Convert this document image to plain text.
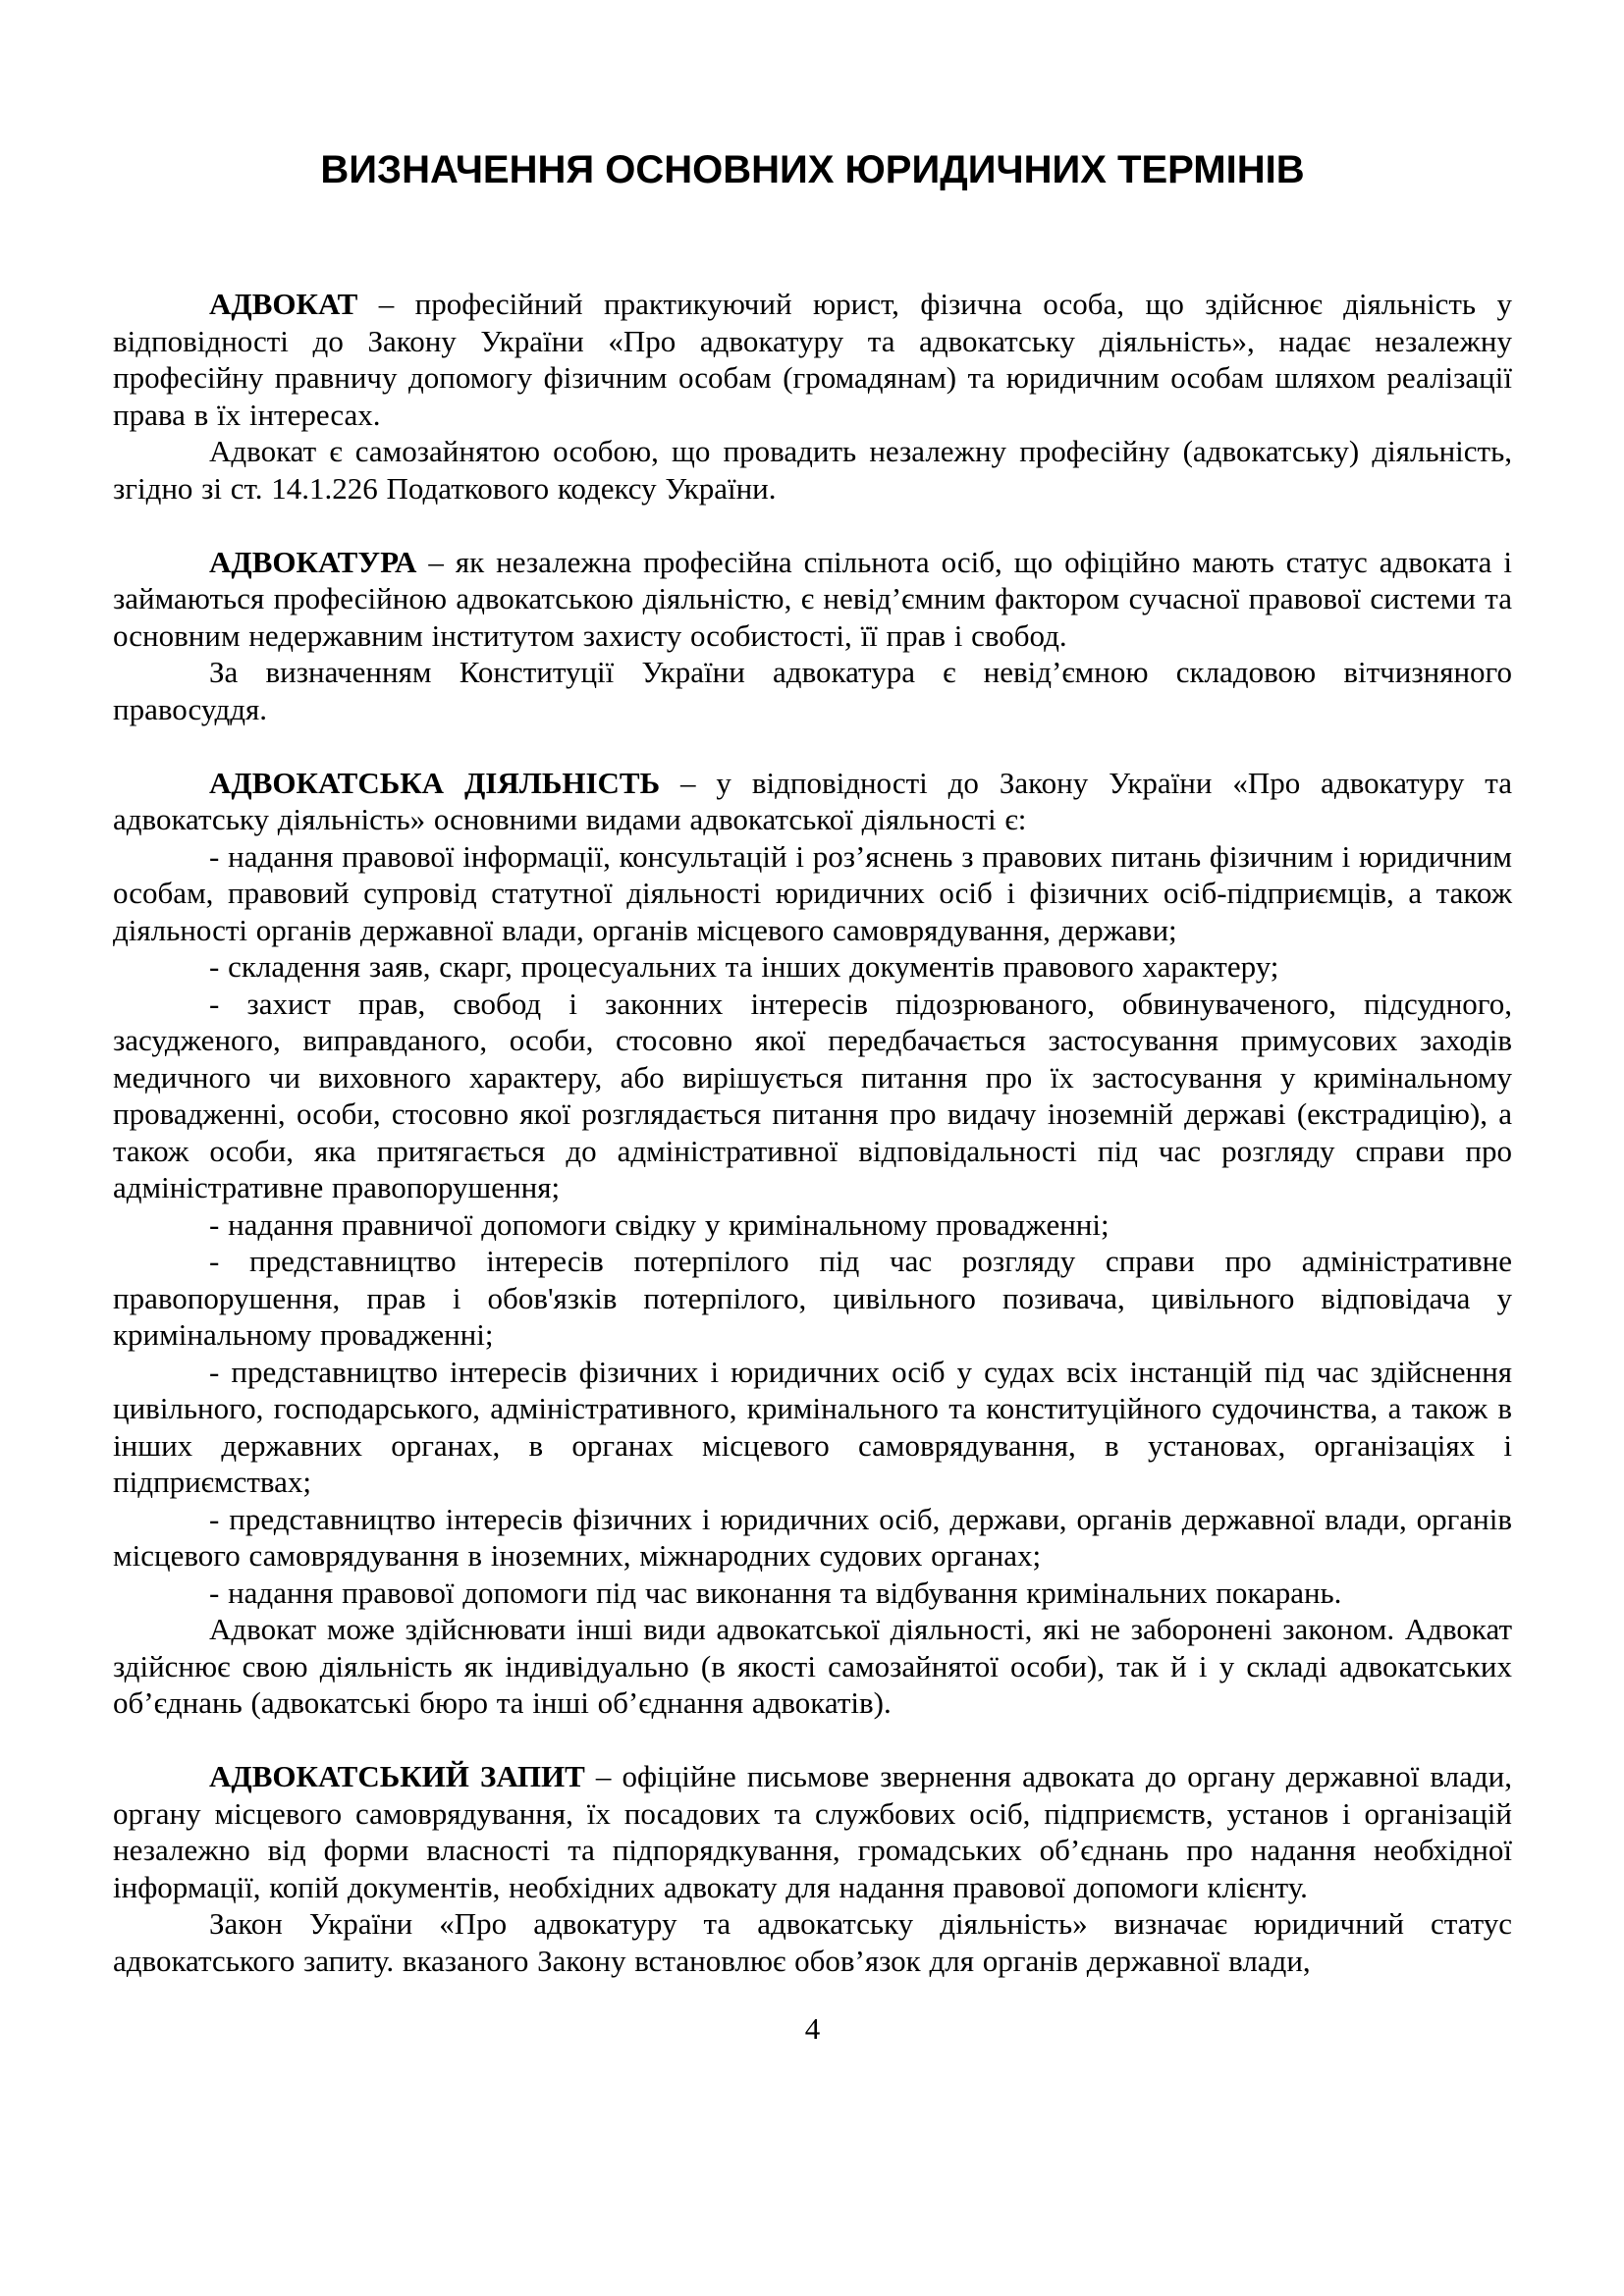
ВИЗНАЧЕННЯ ОСНОВНИХ ЮРИДИЧНИХ ТЕРМІНІВ

АДВОКАТ – професійний практикуючий юрист, фізична особа, що здійснює діяльність у відповідності до Закону України «Про адвокатуру та адвокатську діяльність», надає незалежну професійну правничу допомогу фізичним особам (громадянам) та юридичним особам шляхом реалізації права в їх інтересах.

Адвокат є самозайнятою особою, що провадить незалежну професійну (адвокатську) діяльність, згідно зі ст. 14.1.226 Податкового кодексу України.

АДВОКАТУРА – як незалежна професійна спільнота осіб, що офіційно мають статус адвоката і займаються професійною адвокатською діяльністю, є невід’ємним фактором сучасної правової системи та основним недержавним інститутом захисту особистості, її прав і свобод.

За визначенням Конституції України адвокатура є невід’ємною складовою вітчизняного правосуддя.

АДВОКАТСЬКА ДІЯЛЬНІСТЬ – у відповідності до Закону України «Про адвокатуру та адвокатську діяльність» основними видами адвокатської діяльності є:

- надання правової інформації, консультацій і роз’яснень з правових питань фізичним і юридичним особам, правовий супровід статутної діяльності юридичних осіб і фізичних осіб-підприємців, а також діяльності органів державної влади, органів місцевого самоврядування, держави;

- складення заяв, скарг, процесуальних та інших документів правового характеру;

- захист прав, свобод і законних інтересів підозрюваного, обвинуваченого, підсудного, засудженого, виправданого, особи, стосовно якої передбачається застосування примусових заходів медичного чи виховного характеру, або вирішується питання про їх застосування у кримінальному провадженні, особи, стосовно якої розглядається питання про видачу іноземній державі (екстрадицію), а також особи, яка притягається до адміністративної відповідальності під час розгляду справи про адміністративне правопорушення;

- надання правничої допомоги свідку у кримінальному провадженні;

- представництво інтересів потерпілого під час розгляду справи про адміністративне правопорушення, прав і обов'язків потерпілого, цивільного позивача, цивільного відповідача у кримінальному провадженні;

- представництво інтересів фізичних і юридичних осіб у судах всіх інстанцій під час здійснення цивільного, господарського, адміністративного, кримінального та конституційного судочинства, а також в інших державних органах, в органах місцевого самоврядування, в установах, організаціях і підприємствах;

- представництво інтересів фізичних і юридичних осіб, держави, органів державної влади, органів місцевого самоврядування в іноземних, міжнародних судових органах;

- надання правової допомоги під час виконання та відбування кримінальних покарань.

Адвокат може здійснювати інші види адвокатської діяльності, які не заборонені законом. Адвокат здійснює свою діяльність як індивідуально (в якості самозайнятої особи), так й і у складі адвокатських об’єднань (адвокатські бюро та інші об’єднання адвокатів).

АДВОКАТСЬКИЙ ЗАПИТ – офіційне письмове звернення адвоката до органу державної влади, органу місцевого самоврядування, їх посадових та службових осіб, підприємств, установ і організацій незалежно від форми власності та підпорядкування, громадських об’єднань про надання необхідної інформації, копій документів, необхідних адвокату для надання правової допомоги клієнту.

Закон України «Про адвокатуру та адвокатську діяльність» визначає юридичний статус адвокатського запиту. вказаного Закону встановлює обов’язок для органів державної влади,

4
